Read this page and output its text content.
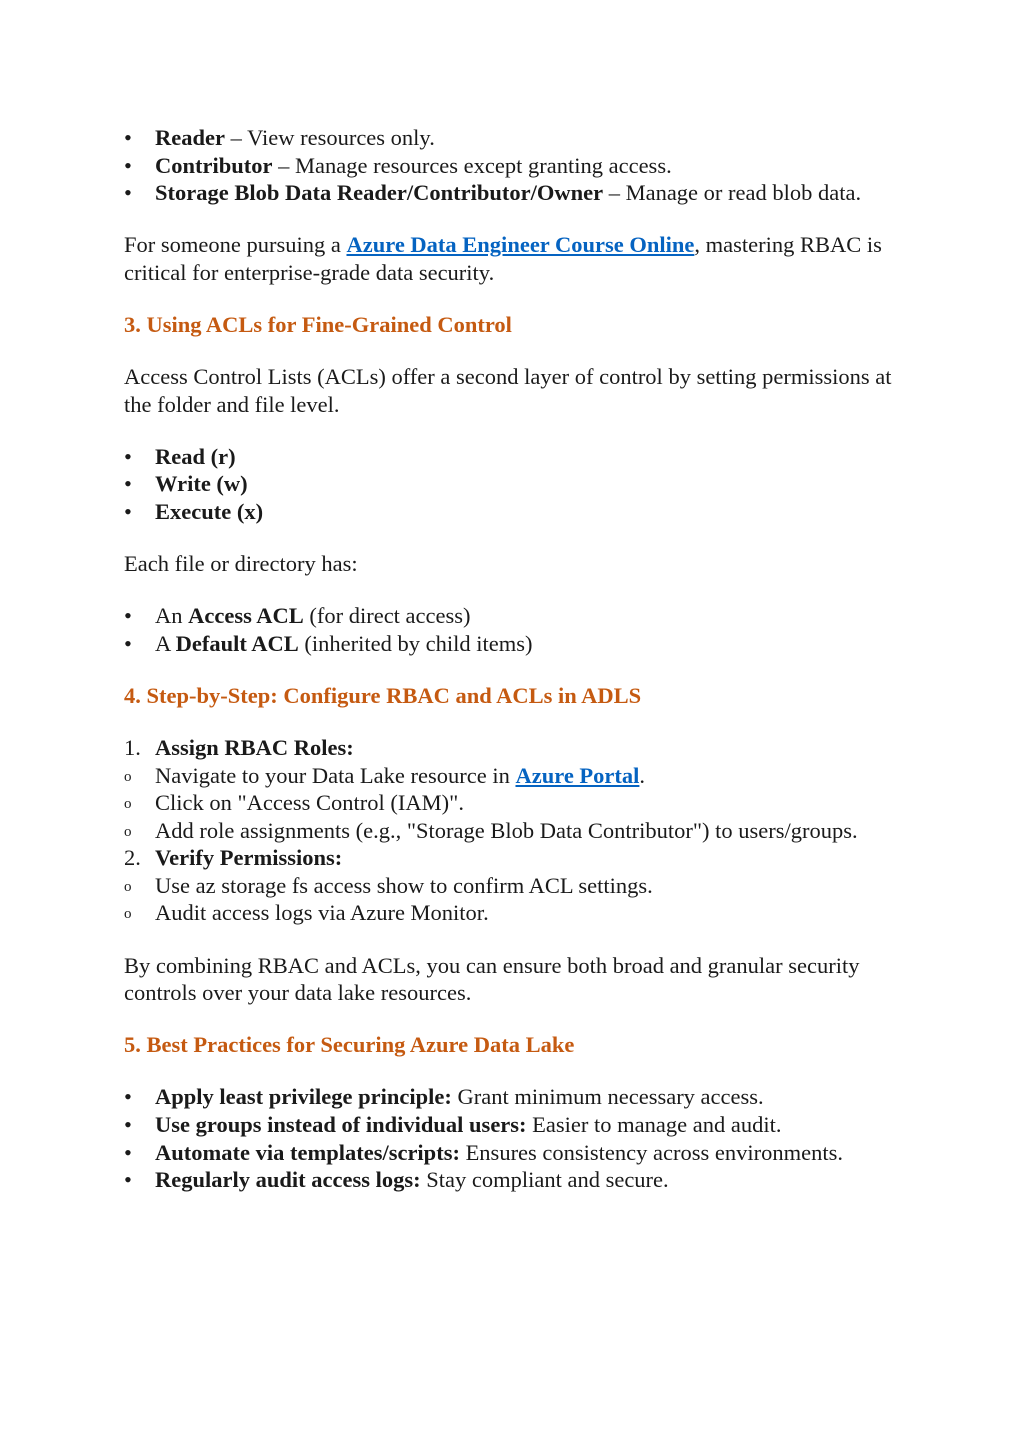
• Reader – View resources only.
• Contributor – Manage resources except granting access.
• Storage Blob Data Reader/Contributor/Owner – Manage or read blob data.

For someone pursuing a Azure Data Engineer Course Online, mastering RBAC is critical for enterprise-grade data security.

3. Using ACLs for Fine-Grained Control

Access Control Lists (ACLs) offer a second layer of control by setting permissions at the folder and file level.

• Read (r)
• Write (w)
• Execute (x)

Each file or directory has:

• An Access ACL (for direct access)
• A Default ACL (inherited by child items)

4. Step-by-Step: Configure RBAC and ACLs in ADLS

1. Assign RBAC Roles:
o Navigate to your Data Lake resource in Azure Portal.
o Click on "Access Control (IAM)".
o Add role assignments (e.g., "Storage Blob Data Contributor") to users/groups.
2. Verify Permissions:
o Use az storage fs access show to confirm ACL settings.
o Audit access logs via Azure Monitor.

By combining RBAC and ACLs, you can ensure both broad and granular security controls over your data lake resources.

5. Best Practices for Securing Azure Data Lake

• Apply least privilege principle: Grant minimum necessary access.
• Use groups instead of individual users: Easier to manage and audit.
• Automate via templates/scripts: Ensures consistency across environments.
• Regularly audit access logs: Stay compliant and secure.
